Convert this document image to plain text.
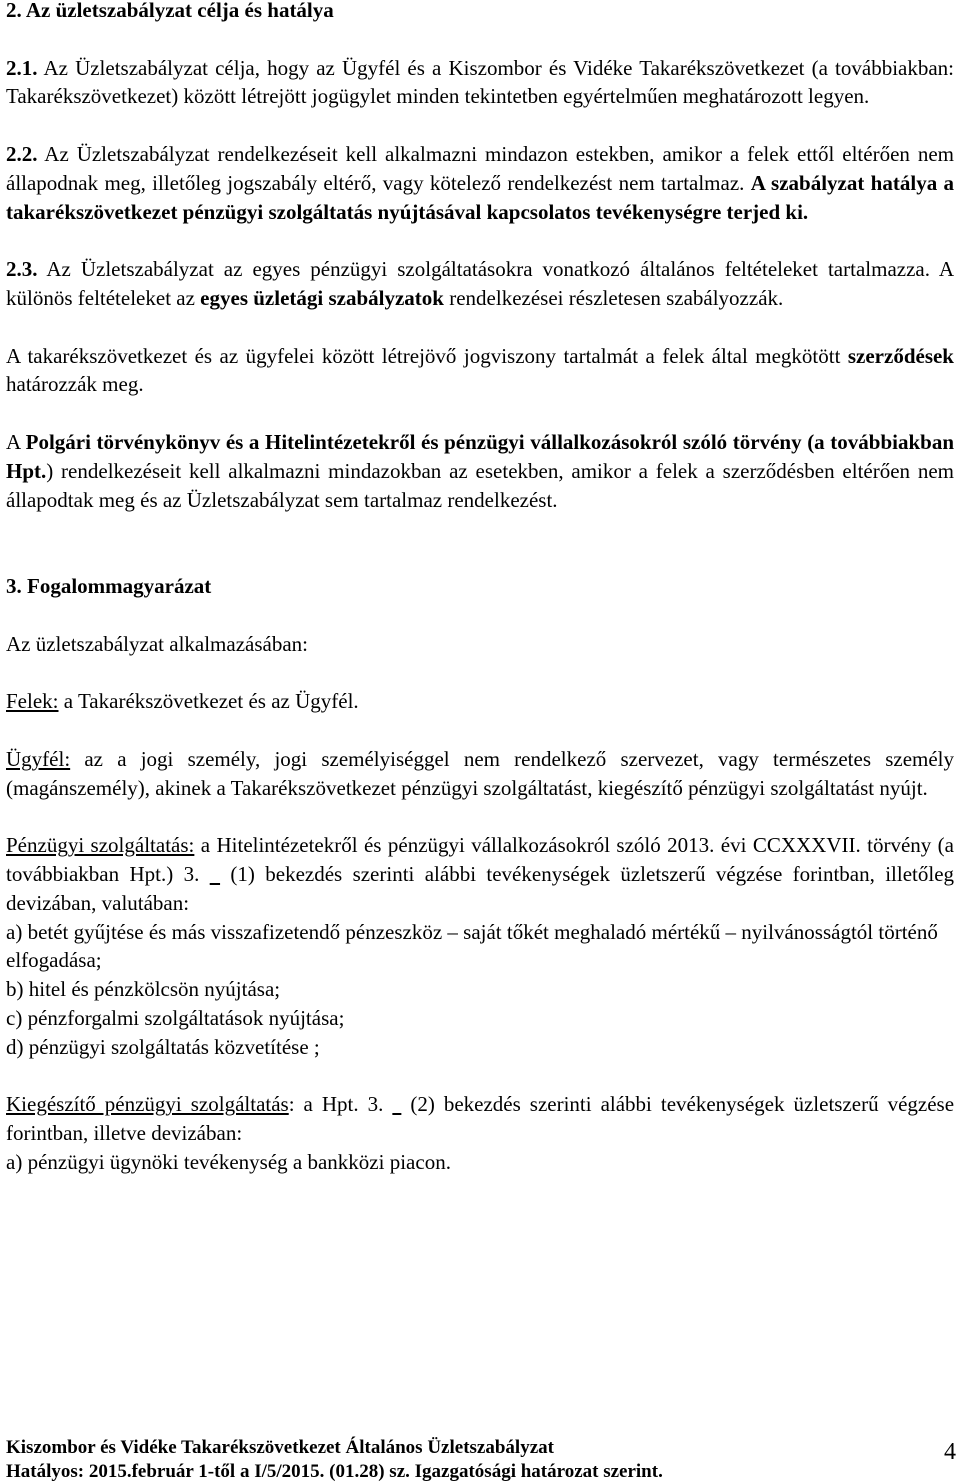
2. Az üzletszabályzat célja és hatálya

2.1. Az Üzletszabályzat célja, hogy az Ügyfél és a Kiszombor és Vidéke Takarékszövetkezet (a továbbiakban: Takarékszövetkezet) között létrejött jogügylet minden tekintetben egyértelműen meghatározott legyen.

2.2. Az Üzletszabályzat rendelkezéseit kell alkalmazni mindazon estekben, amikor a felek ettől eltérően nem állapodnak meg, illetőleg jogszabály eltérő, vagy kötelező rendelkezést nem tartalmaz. A szabályzat hatálya a takarékszövetkezet pénzügyi szolgáltatás nyújtásával kapcsolatos tevékenységre terjed ki.

2.3. Az Üzletszabályzat az egyes pénzügyi szolgáltatásokra vonatkozó általános feltételeket tartalmazza. A különös feltételeket az egyes üzletági szabályzatok rendelkezései részletesen szabályozzák.

A takarékszövetkezet és az ügyfelei között létrejövő jogviszony tartalmát a felek által megkötött szerződések határozzák meg.

A Polgári törvénykönyv és a Hitelintézetekről és pénzügyi vállalkozásokról szóló törvény (a továbbiakban Hpt.) rendelkezéseit kell alkalmazni mindazokban az esetekben, amikor a felek a szerződésben eltérően nem állapodtak meg és az Üzletszabályzat sem tartalmaz rendelkezést.

3. Fogalommagyarázat

Az üzletszabályzat alkalmazásában:

Felek: a Takarékszövetkezet és az Ügyfél.

Ügyfél: az a jogi személy, jogi személyiséggel nem rendelkező szervezet, vagy természetes személy (magánszemély), akinek a Takarékszövetkezet pénzügyi szolgáltatást, kiegészítő pénzügyi szolgáltatást nyújt.

Pénzügyi szolgáltatás: a Hitelintézetekről és pénzügyi vállalkozásokról szóló 2013. évi CCXXXVII. törvény (a továbbiakban Hpt.) 3. (1) bekezdés szerinti alábbi tevékenységek üzletszerű végzése forintban, illetőleg devizában, valutában:

a) betét gyűjtése és más visszafizetendő pénzeszköz – saját tőkét meghaladó mértékű – nyilvánosságtól történő elfogadása;

b) hitel és pénzkölcsön nyújtása;

c) pénzforgalmi szolgáltatások nyújtása;

d) pénzügyi szolgáltatás közvetítése ;

Kiegészítő pénzügyi szolgáltatás: a Hpt. 3. (2) bekezdés szerinti alábbi tevékenységek üzletszerű végzése forintban, illetve devizában:

a) pénzügyi ügynöki tevékenység a bankközi piacon.

Kiszombor és Vidéke Takarékszövetkezet Általános Üzletszabályzat
Hatályos: 2015.február 1-től a I/5/2015. (01.28) sz. Igazgatósági határozat szerint.
4
